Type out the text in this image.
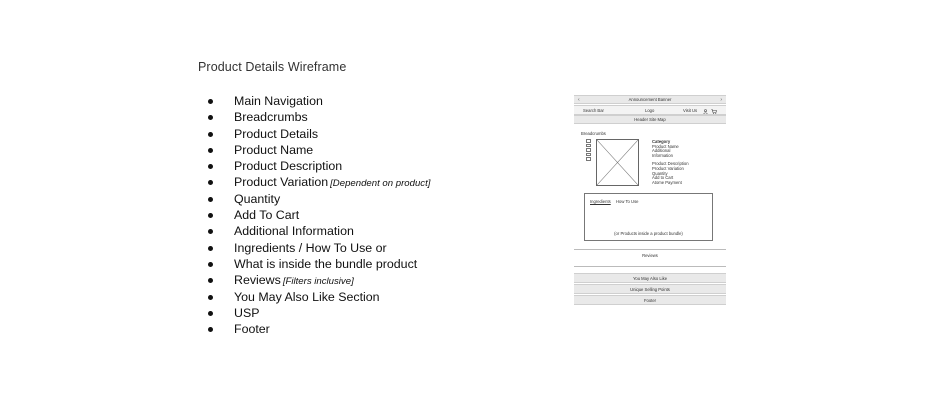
Product Details Wireframe
Main Navigation
Breadcrumbs
Product Details
Product Name
Product Description
Product Variation [Dependent on product]
Quantity
Add To Cart
Additional Information
Ingredients / How To Use or
What is inside the bundle product
Reviews [Filters inclusive]
You May Also Like Section
USP
Footer
‹	Announcement Banner	›
Search Bar	Logo	Visit Us
Header Site Map
Breadcrumbs
Category
Product Name
Additional
Information
Product Description
Product Variation
Quantity
Add to Cart
Atome Payment
Ingredients How To Use
(or Products inside a product bundle)
Reviews
You May Also Like
Unique Selling Points
Footer
